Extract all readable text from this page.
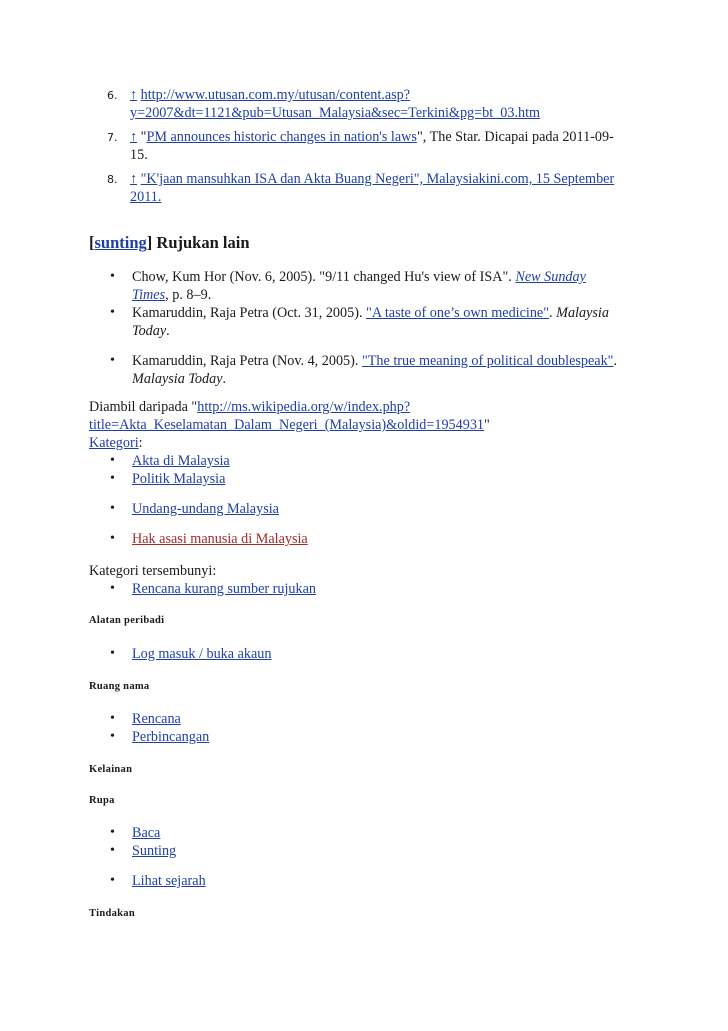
6. ↑ http://www.utusan.com.my/utusan/content.asp?
y=2007&dt=1121&pub=Utusan_Malaysia&sec=Terkini&pg=bt_03.htm
7. ↑ "PM announces historic changes in nation's laws", The Star. Dicapai pada 2011-09-
15.
8. ↑ "K'jaan mansuhkan ISA dan Akta Buang Negeri", Malaysiakini.com, 15 September
2011.
[sunting] Rujukan lain
• Chow, Kum Hor (Nov. 6, 2005). "9/11 changed Hu's view of ISA". New Sunday
Times, p. 8–9.
• Kamaruddin, Raja Petra (Oct. 31, 2005). "A taste of one’s own medicine". Malaysia
Today.
• Kamaruddin, Raja Petra (Nov. 4, 2005). "The true meaning of political doublespeak".
Malaysia Today.
Diambil daripada "http://ms.wikipedia.org/w/index.php?
title=Akta_Keselamatan_Dalam_Negeri_(Malaysia)&oldid=1954931"
Kategori:
• Akta di Malaysia
• Politik Malaysia
• Undang-undang Malaysia
• Hak asasi manusia di Malaysia
Kategori tersembunyi:
• Rencana kurang sumber rujukan
Alatan peribadi
• Log masuk / buka akaun
Ruang nama
• Rencana
• Perbincangan
Kelainan
Rupa
• Baca
• Sunting
• Lihat sejarah
Tindakan
